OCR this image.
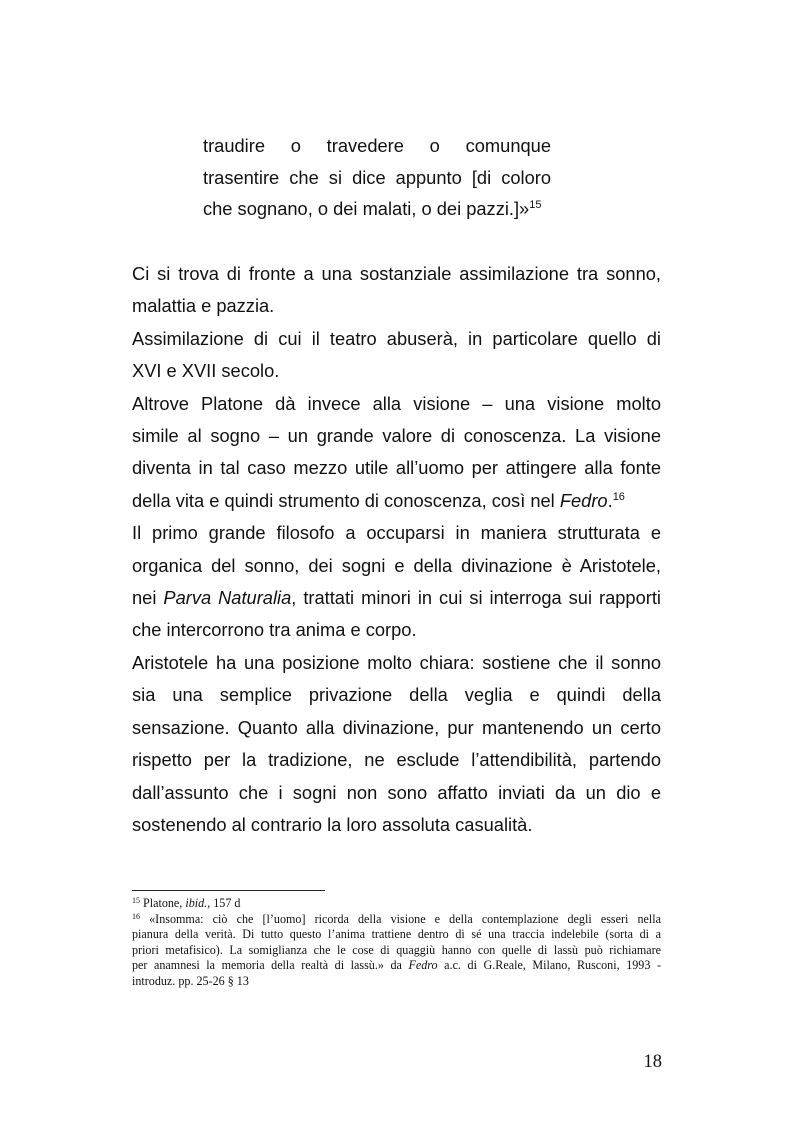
traudire o travedere o comunque

trasentire che si dice appunto [di coloro

che sognano, o dei malati, o dei pazzi.]»$^{15}$

Ci si trova di fronte a una sostanziale assimilazione tra sonno,

malattia e pazzia.

Assimilazione di cui il teatro abuserà, in particolare quello di

XVI e XVII secolo.

Altrove Platone dà invece alla visione – una visione molto

simile al sogno – un grande valore di conoscenza. La visione

diventa in tal caso mezzo utile all’uomo per attingere alla fonte

della vita e quindi strumento di conoscenza, così nel Fedro.$^{16}$

Il primo grande filosofo a occuparsi in maniera strutturata e

organica del sonno, dei sogni e della divinazione è Aristotele,

nei Parva Naturalia, trattati minori in cui si interroga sui rapporti

che intercorrono tra anima e corpo.

Aristotele ha una posizione molto chiara: sostiene che il sonno

sia una semplice privazione della veglia e quindi della

sensazione. Quanto alla divinazione, pur mantenendo un certo

rispetto per la tradizione, ne esclude l’attendibilità, partendo

dall’assunto che i sogni non sono affatto inviati da un dio e

sostenendo al contrario la loro assoluta casualità.

$^{15}$ Platone, ibid., 157 d

$^{16}$ «Insomma: ciò che [l’uomo] ricorda della visione e della contemplazione degli esseri nella

pianura della verità. Di tutto questo l’anima trattiene dentro di sé una traccia indelebile (sorta di a

priori metafisico). La somiglianza che le cose di quaggiù hanno con quelle di lassù può richiamare

per anamnesi la memoria della realtà di lassù.» da Fedro a.c. di G.Reale, Milano, Rusconi, 1993 -

introduz. pp. 25-26 § 13

18
